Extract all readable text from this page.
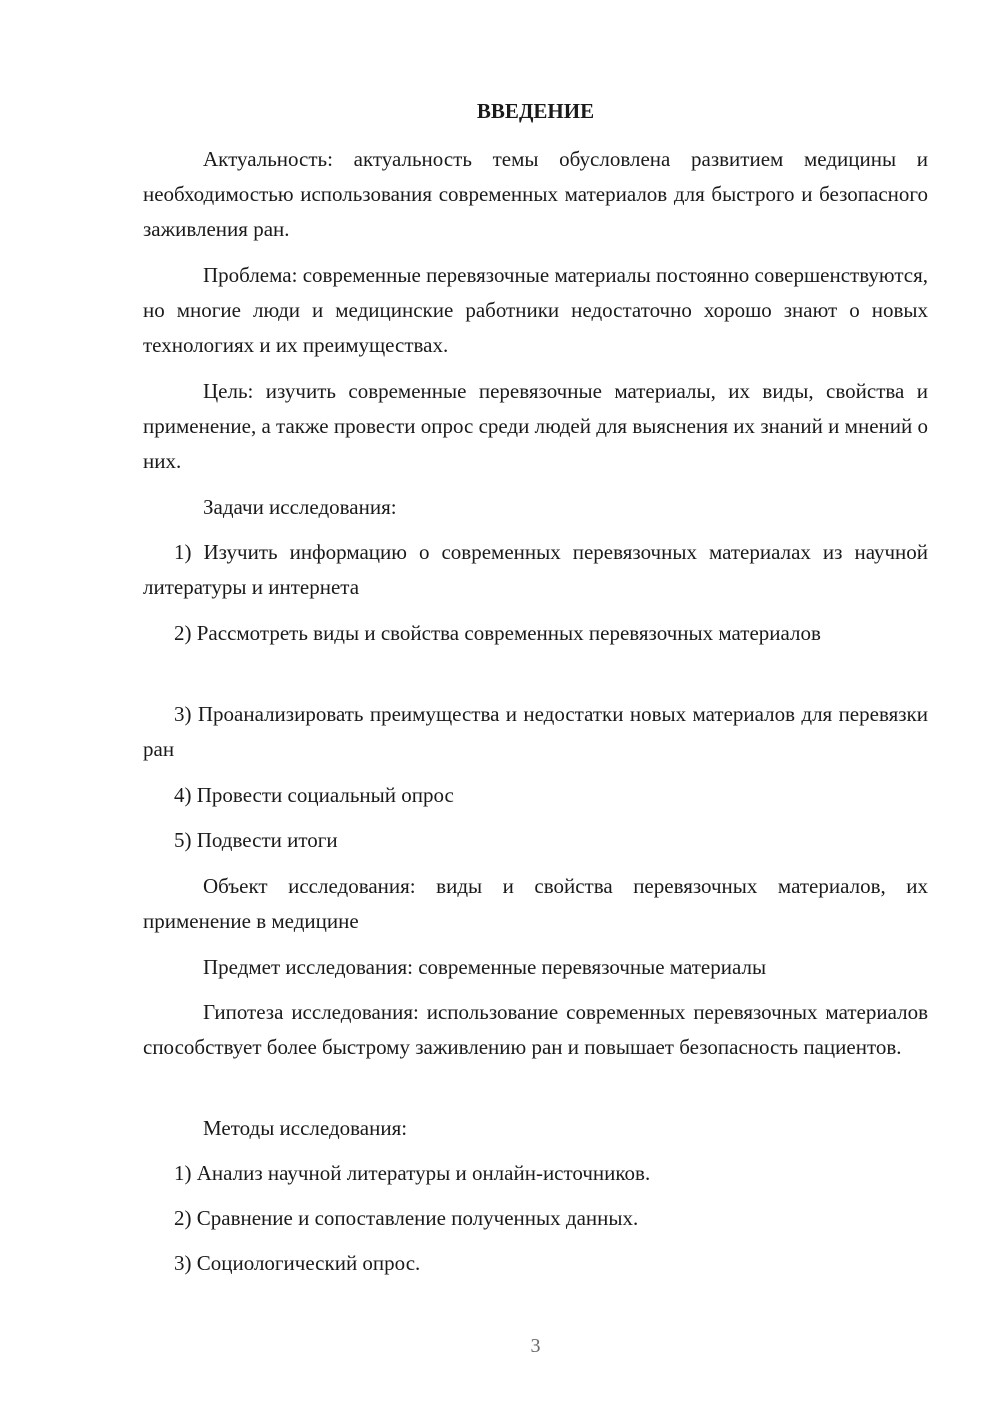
ВВЕДЕНИЕ

Актуальность: актуальность темы обусловлена развитием медицины и необходимостью использования современных материалов для быстрого и безопасного заживления ран.

Проблема: современные перевязочные материалы постоянно совершенствуются, но многие люди и медицинские работники недостаточно хорошо знают о новых технологиях и их преимуществах.

Цель: изучить современные перевязочные материалы, их виды, свойства и применение, а также провести опрос среди людей для выяснения их знаний и мнений о них.

Задачи исследования:

1) Изучить информацию о современных перевязочных материалах из научной литературы и интернета

2) Рассмотреть виды и свойства современных перевязочных материалов

3) Проанализировать преимущества и недостатки новых материалов для перевязки ран

4) Провести социальный опрос

5) Подвести итоги

Объект исследования: виды и свойства перевязочных материалов, их применение в медицине

Предмет исследования: современные перевязочные материалы

Гипотеза исследования: использование современных перевязочных материалов способствует более быстрому заживлению ран и повышает безопасность пациентов.

Методы исследования:

1) Анализ научной литературы и онлайн-источников.

2) Сравнение и сопоставление полученных данных.

3) Социологический опрос.

3
